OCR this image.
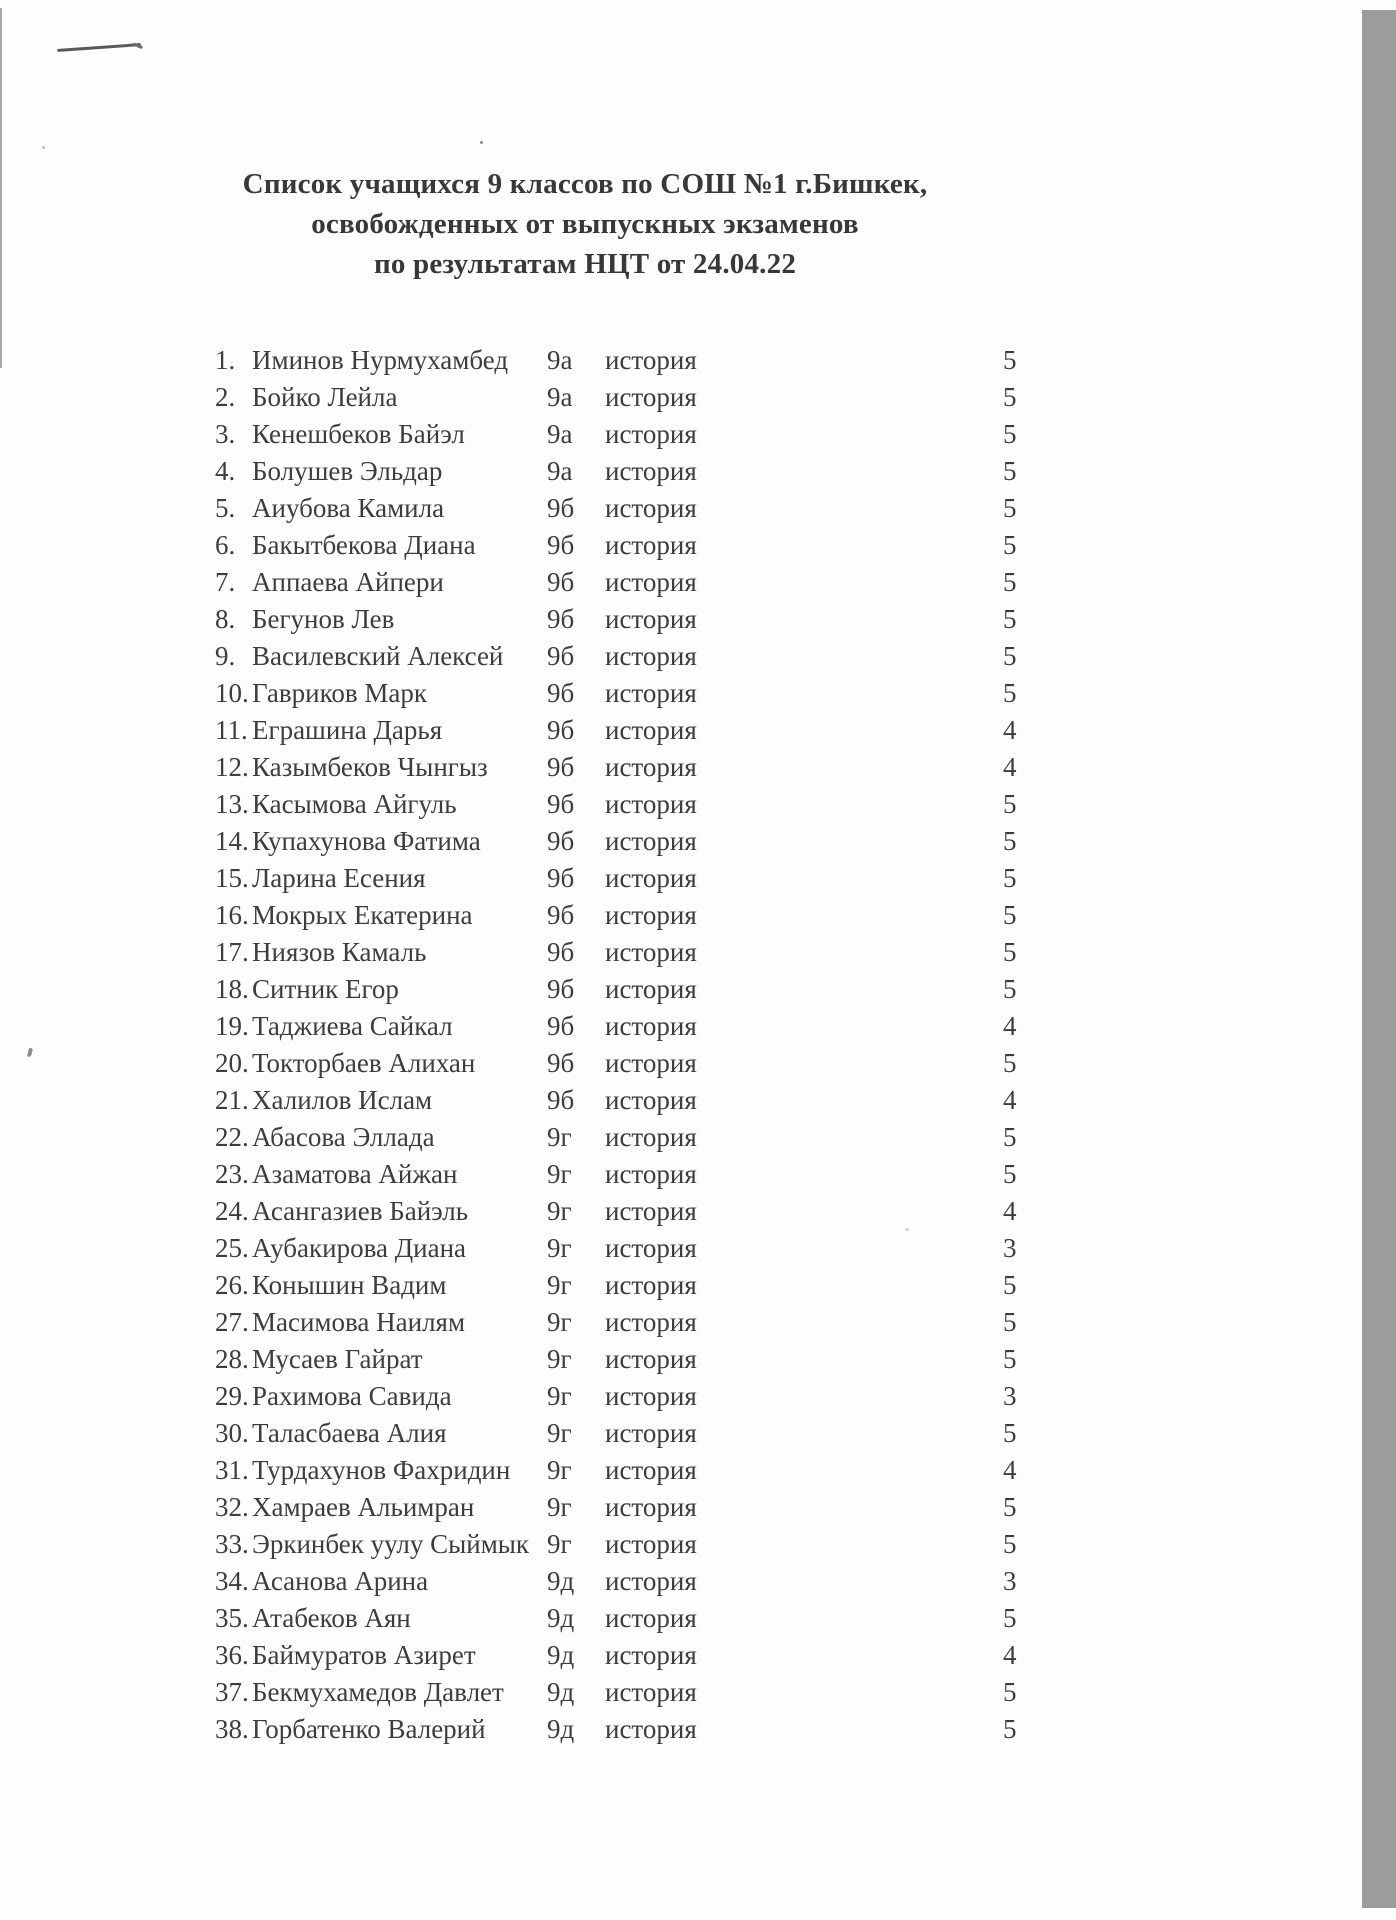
Список учащихся 9 классов по СОШ №1 г.Бишкек,
освобожденных от выпускных экзаменов
по результатам НЦТ от 24.04.22
1. Иминов Нурмухамбед	9а	история	5
2. Бойко Лейла	9а	история	5
3. Кенешбеков Байэл	9а	история	5
4. Болушев Эльдар	9а	история	5
5. Аиубова Камила	9б	история	5
6. Бакытбекова Диана	9б	история	5
7. Аппаева Айпери	9б	история	5
8. Бегунов Лев	9б	история	5
9. Василевский Алексей	9б	история	5
10. Гавриков Марк	9б	история	5
11. Еграшина Дарья	9б	история	4
12. Казымбеков Чынгыз	9б	история	4
13. Касымова Айгуль	9б	история	5
14. Купахунова Фатима	9б	история	5
15. Ларина Есения	9б	история	5
16. Мокрых Екатерина	9б	история	5
17. Ниязов Камаль	9б	история	5
18. Ситник Егор	9б	история	5
19. Таджиева Сайкал	9б	история	4
20. Токторбаев Алихан	9б	история	5
21. Халилов Ислам	9б	история	4
22. Абасова Эллада	9г	история	5
23. Азаматова Айжан	9г	история	5
24. Асангазиев Байэль	9г	история	4
25. Аубакирова Диана	9г	история	3
26. Конышин Вадим	9г	история	5
27. Масимова Наилям	9г	история	5
28. Мусаев Гайрат	9г	история	5
29. Рахимова Савида	9г	история	3
30. Таласбаева Алия	9г	история	5
31. Турдахунов Фахридин	9г	история	4
32. Хамраев Альимран	9г	история	5
33. Эркинбек уулу Сыймык 9г	история	5
34. Асанова Арина	9д	история	3
35. Атабеков Аян	9д	история	5
36. Баймуратов Азирет	9д	история	4
37. Бекмухамедов Давлет	9д	история	5
38. Горбатенко Валерий	9д	история	5
